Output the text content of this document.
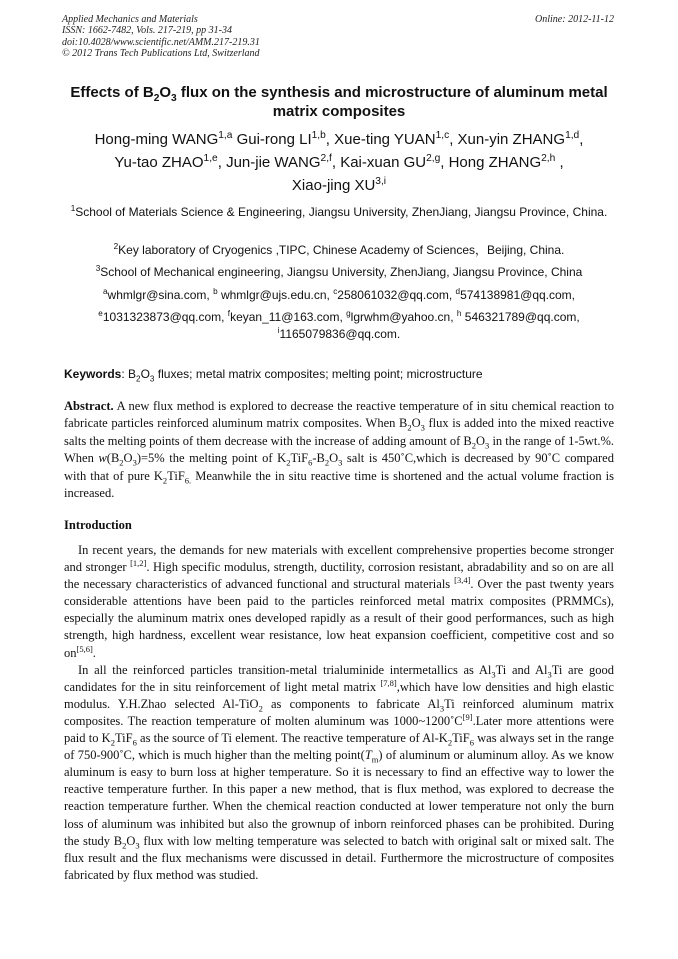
Applied Mechanics and Materials
ISSN: 1662-7482, Vols. 217-219, pp 31-34
doi:10.4028/www.scientific.net/AMM.217-219.31
© 2012 Trans Tech Publications Ltd, Switzerland
Online: 2012-11-12
Effects of $B_2O_3$ flux on the synthesis and microstructure of aluminum metal matrix composites
Hong-ming WANG$^{1,a}$ Gui-rong LI$^{1,b}$, Xue-ting YUAN$^{1,c}$, Xun-yin ZHANG$^{1,d}$,
Yu-tao ZHAO$^{1,e}$, Jun-jie WANG$^{2,f}$, Kai-xuan GU$^{2,g}$, Hong ZHANG$^{2,h}$ ,
Xiao-jing XU$^{3,i}$
$^1$School of Materials Science & Engineering, Jiangsu University, ZhenJiang, Jiangsu Province, China.
$^2$Key laboratory of Cryogenics ,TIPC, Chinese Academy of Sciences，Beijing, China.
$^3$School of Mechanical engineering, Jiangsu University, ZhenJiang, Jiangsu Province, China
$^a$whmlgr@sina.com, $^b$ whmlgr@ujs.edu.cn, $^c$258061032@qq.com, $^d$574138981@qq.com,
$^e$1031323873@qq.com, $^f$keyan_11@163.com, $^g$lgrwhm@yahoo.cn, $^h$ 546321789@qq.com,
$^i$1165079836@qq.com.
Keywords: $B_2O_3$ fluxes; metal matrix composites; melting point; microstructure
Abstract. A new flux method is explored to decrease the reactive temperature of in situ chemical reaction to fabricate particles reinforced aluminum matrix composites. When $B_2O_3$ flux is added into the mixed reactive salts the melting points of them decrease with the increase of adding amount of $B_2O_3$ in the range of 1-5wt.%. When $w(B_2O_3)=5\%$ the melting point of $K_2TiF_6-B_2O_3$ salt is 450˚C,which is decreased by 90˚C compared with that of pure $K_2TiF_{6.}$ Meanwhile the in situ reactive time is shortened and the actual volume fraction is increased.
Introduction

In recent years, the demands for new materials with excellent comprehensive properties become stronger and stronger [1,2]. High specific modulus, strength, ductility, corrosion resistant, abradability and so on are all the necessary characteristics of advanced functional and structural materials [3,4]. Over the past twenty years considerable attentions have been paid to the particles reinforced metal matrix composites (PRMMCs), especially the aluminum matrix ones developed rapidly as a result of their good performances, such as high strength, high hardness, excellent wear resistance, low heat expansion coefficient, competitive cost and so on[5,6].

In all the reinforced particles transition-metal trialuminide intermetallics as $Al_3Ti$ and $Al_3Ti$ are good candidates for the in situ reinforcement of light metal matrix [7,8],which have low densities and high elastic modulus. Y.H.Zhao selected Al-TiO$_2$ as components to fabricate $Al_3Ti$ reinforced aluminum matrix composites. The reaction temperature of molten aluminum was 1000~1200˚C[9].Later more attentions were paid to $K_2TiF_6$ as the source of Ti element. The reactive temperature of $Al-K_2TiF_6$ was always set in the range of 750-900˚C, which is much higher than the melting $point(T_m)$ of aluminum or aluminum alloy. As we know aluminum is easy to burn loss at higher temperature. So it is necessary to find an effective way to lower the reactive temperature further. In this paper a new method, that is flux method, was explored to decrease the reaction temperature further. When the chemical reaction conducted at lower temperature not only the burn loss of aluminum was inhibited but also the grownup of inborn reinforced phases can be prohibited. During the study $B_2O_3$ flux with low melting temperature was selected to batch with original salt or mixed salt. The flux result and the flux mechanisms were discussed in detail. Furthermore the microstructure of composites fabricated by flux method was studied.
